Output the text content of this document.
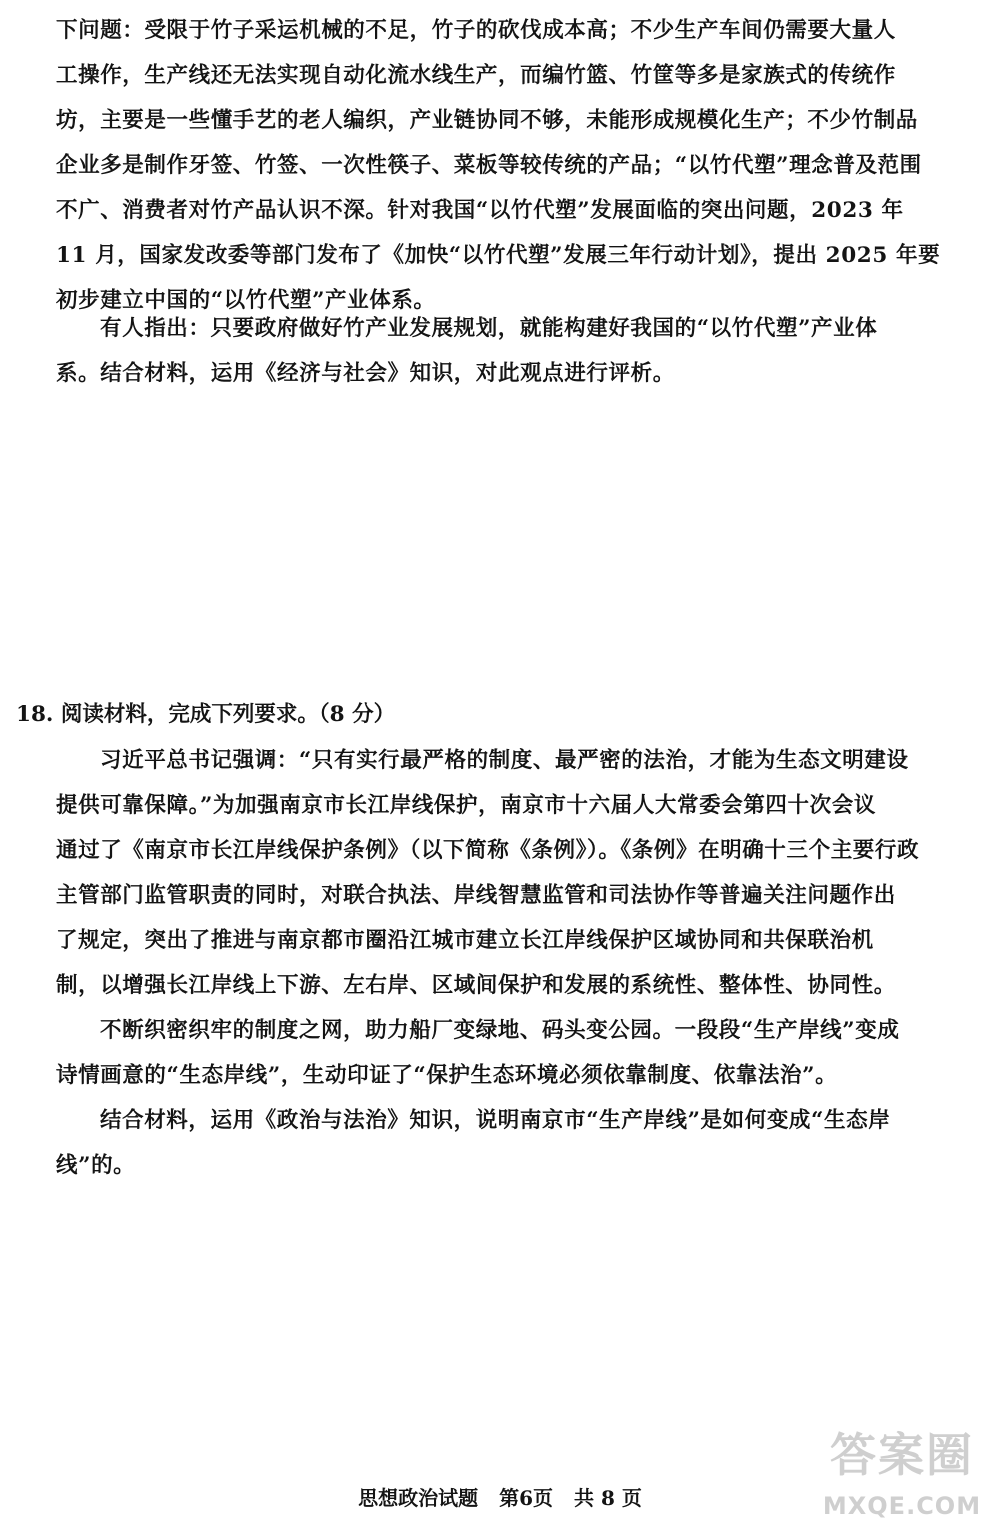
下问题：受限于竹子采运机械的不足，竹子的砍伐成本高；不少生产车间仍需要大量人
工操作，生产线还无法实现自动化流水线生产，而编竹篮、竹筐等多是家族式的传统作
坊，主要是一些懂手艺的老人编织，产业链协同不够，未能形成规模化生产；不少竹制品
企业多是制作牙签、竹签、一次性筷子、菜板等较传统的产品；“以竹代塑”理念普及范围
不广、消费者对竹产品认识不深。针对我国“以竹代塑”发展面临的突出问题，2023 年
11 月，国家发改委等部门发布了《加快“以竹代塑”发展三年行动计划》，提出 2025 年要
初步建立中国的“以竹代塑”产业体系。
有人指出：只要政府做好竹产业发展规划，就能构建好我国的“以竹代塑”产业体
系。结合材料，运用《经济与社会》知识，对此观点进行评析。
18. 阅读材料，完成下列要求。（8 分）
习近平总书记强调：“只有实行最严格的制度、最严密的法治，才能为生态文明建设
提供可靠保障。”为加强南京市长江岸线保护，南京市十六届人大常委会第四十次会议
通过了《南京市长江岸线保护条例》（以下简称《条例》）。《条例》在明确十三个主要行政
主管部门监管职责的同时，对联合执法、岸线智慧监管和司法协作等普遍关注问题作出
了规定，突出了推进与南京都市圈沿江城市建立长江岸线保护区域协同和共保联治机
制，以增强长江岸线上下游、左右岸、区域间保护和发展的系统性、整体性、协同性。
不断织密织牢的制度之网，助力船厂变绿地、码头变公园。一段段“生产岸线”变成
诗情画意的“生态岸线”，生动印证了“保护生态环境必须依靠制度、依靠法治”。
结合材料，运用《政治与法治》知识，说明南京市“生产岸线”是如何变成“生态岸
线”的。
思想政治试题 第6页 共 8 页
答案圈
MXQE.COM
